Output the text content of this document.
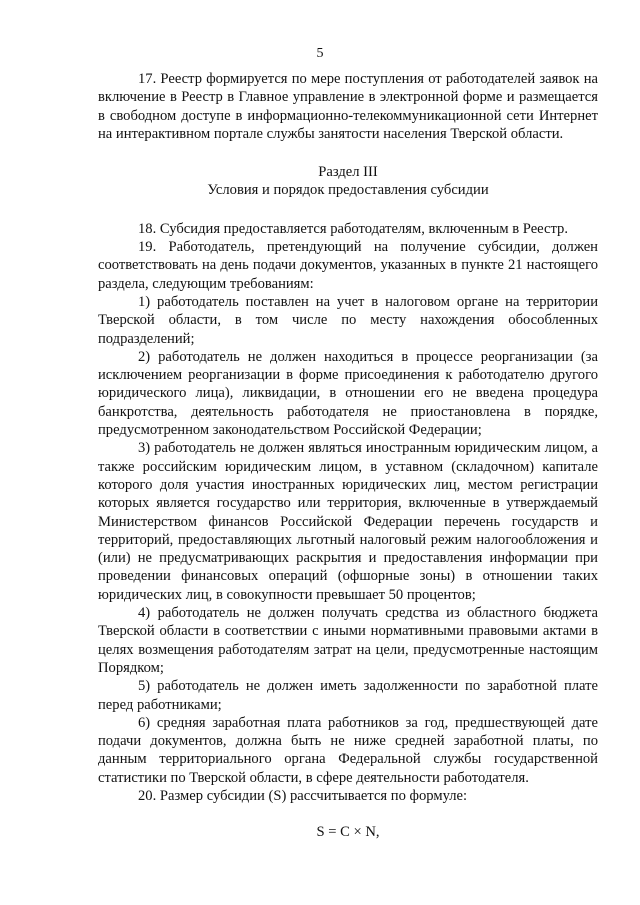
5

17. Реестр формируется по мере поступления от работодателей заявок на включение в Реестр в Главное управление в электронной форме и размещается в свободном доступе в информационно-телекоммуникационной сети Интернет на интерактивном портале службы занятости населения Тверской области.

Раздел III

Условия и порядок предоставления субсидии

18. Субсидия предоставляется работодателям, включенным в Реестр.

19. Работодатель, претендующий на получение субсидии, должен соответствовать на день подачи документов, указанных в пункте 21 настоящего раздела, следующим требованиям:

1) работодатель поставлен на учет в налоговом органе на территории Тверской области, в том числе по месту нахождения обособленных подразделений;

2) работодатель не должен находиться в процессе реорганизации (за исключением реорганизации в форме присоединения к работодателю другого юридического лица), ликвидации, в отношении его не введена процедура банкротства, деятельность работодателя не приостановлена в порядке, предусмотренном законодательством Российской Федерации;

3) работодатель не должен являться иностранным юридическим лицом, а также российским юридическим лицом, в уставном (складочном) капитале которого доля участия иностранных юридических лиц, местом регистрации которых является государство или территория, включенные в утверждаемый Министерством финансов Российской Федерации перечень государств и территорий, предоставляющих льготный налоговый режим налогообложения и (или) не предусматривающих раскрытия и предоставления информации при проведении финансовых операций (офшорные зоны) в отношении таких юридических лиц, в совокупности превышает 50 процентов;

4) работодатель не должен получать средства из областного бюджета Тверской области в соответствии с иными нормативными правовыми актами в целях возмещения работодателям затрат на цели, предусмотренные настоящим Порядком;

5) работодатель не должен иметь задолженности по заработной плате перед работниками;

6) средняя заработная плата работников за год, предшествующей дате подачи документов, должна быть не ниже средней заработной платы, по данным территориального органа Федеральной службы государственной статистики по Тверской области, в сфере деятельности работодателя.

20. Размер субсидии (S) рассчитывается по формуле:

S = C × N,
